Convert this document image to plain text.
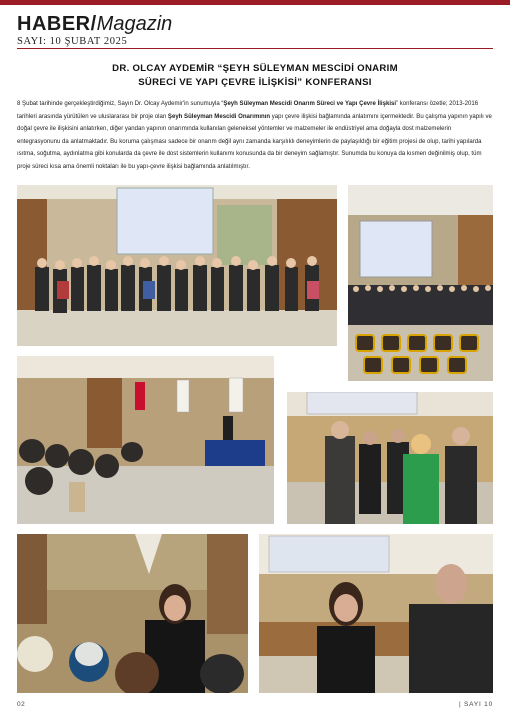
HABER/Magazin
SAYI: 10 ŞUBAT 2025
DR. OLCAY AYDEMİR “ŞEYH SÜLEYMAN MESCİDİ ONARIM
SÜRECİ VE YAPI ÇEVRE İLİŞKİSİ” KONFERANSI
8 Şubat tarihinde gerçekleştirdiğimiz, Sayın Dr. Olcay Aydemir'in sunumuyla “Şeyh Süleyman Mescidi Onarım Süreci ve Yapı Çevre İlişkisi” konferansı özetle; 2013-2016 tarihleri arasında yürütülen ve uluslararası bir proje olan Şeyh Süleyman Mescidi Onarımının yapı çevre ilişkisi bağlamında anlatımını içermektedir. Bu çalışma yapının yapılı ve doğal çevre ile ilişkisini anlatırken, diğer yandan yapının onarımında kullanılan geleneksel yöntemler ve malzemeler ile endüstriyel ama doğayla dost malzemelerin entegrasyonunu da anlatmaktadır. Bu koruma çalışması sadece bir onarım değil aynı zamanda karşılıklı deneyimlerin de paylaşıldığı bir eğitim projesi de olup, tarihi yapılarda ısıtma, soğutma, aydınlatma gibi konularda da çevre ile dost sistemlerin kullanımı konusunda da bir deneyim sağlamıştır. Sunumda bu konuya da kısmen değinilmiş olup, tüm proje süreci kısa ama önemli noktaları ile bu yapı-çevre ilişkisi bağlamında anlatılmıştır.
02	| SAYI 10
